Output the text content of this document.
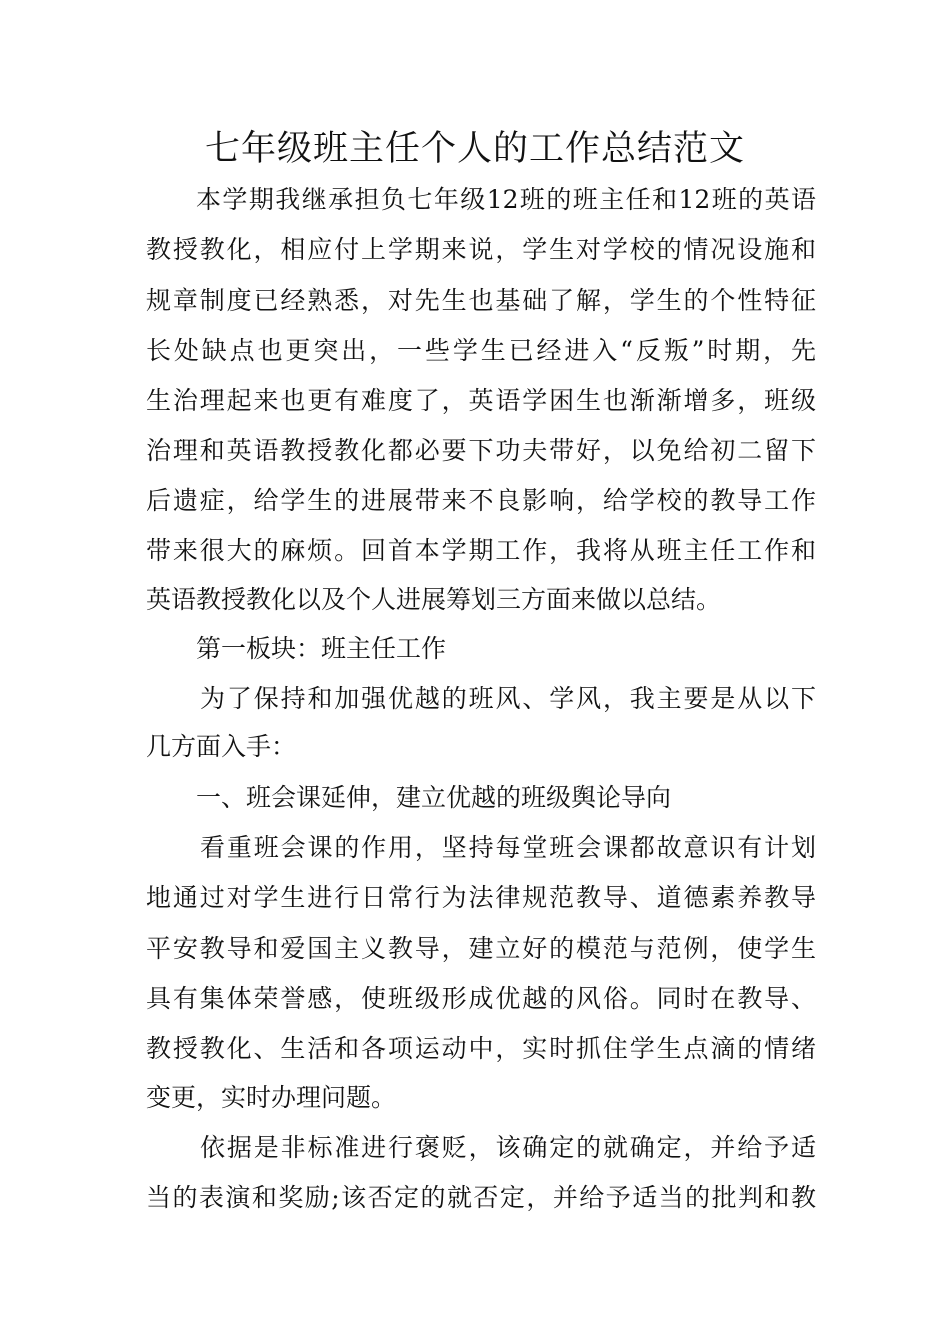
七年级班主任个人的工作总结范文

本学期我继承担负七年级12班的班主任和12班的英语

教授教化，相应付上学期来说，学生对学校的情况设施和

规章制度已经熟悉，对先生也基础了解，学生的个性特征

长处缺点也更突出，一些学生已经进入“反叛”时期，先

生治理起来也更有难度了，英语学困生也渐渐增多，班级

治理和英语教授教化都必要下功夫带好，以免给初二留下

后遗症，给学生的进展带来不良影响，给学校的教导工作

带来很大的麻烦。回首本学期工作，我将从班主任工作和

英语教授教化以及个人进展筹划三方面来做以总结。

第一板块：班主任工作

为了保持和加强优越的班风、学风，我主要是从以下

几方面入手：

一、班会课延伸，建立优越的班级舆论导向

看重班会课的作用，坚持每堂班会课都故意识有计划

地通过对学生进行日常行为法律规范教导、道德素养教导

平安教导和爱国主义教导，建立好的模范与范例，使学生

具有集体荣誉感，使班级形成优越的风俗。同时在教导、

教授教化、生活和各项运动中，实时抓住学生点滴的情绪

变更，实时办理问题。

依据是非标准进行褒贬，该确定的就确定，并给予适

当的表演和奖励;该否定的就否定，并给予适当的批判和教
